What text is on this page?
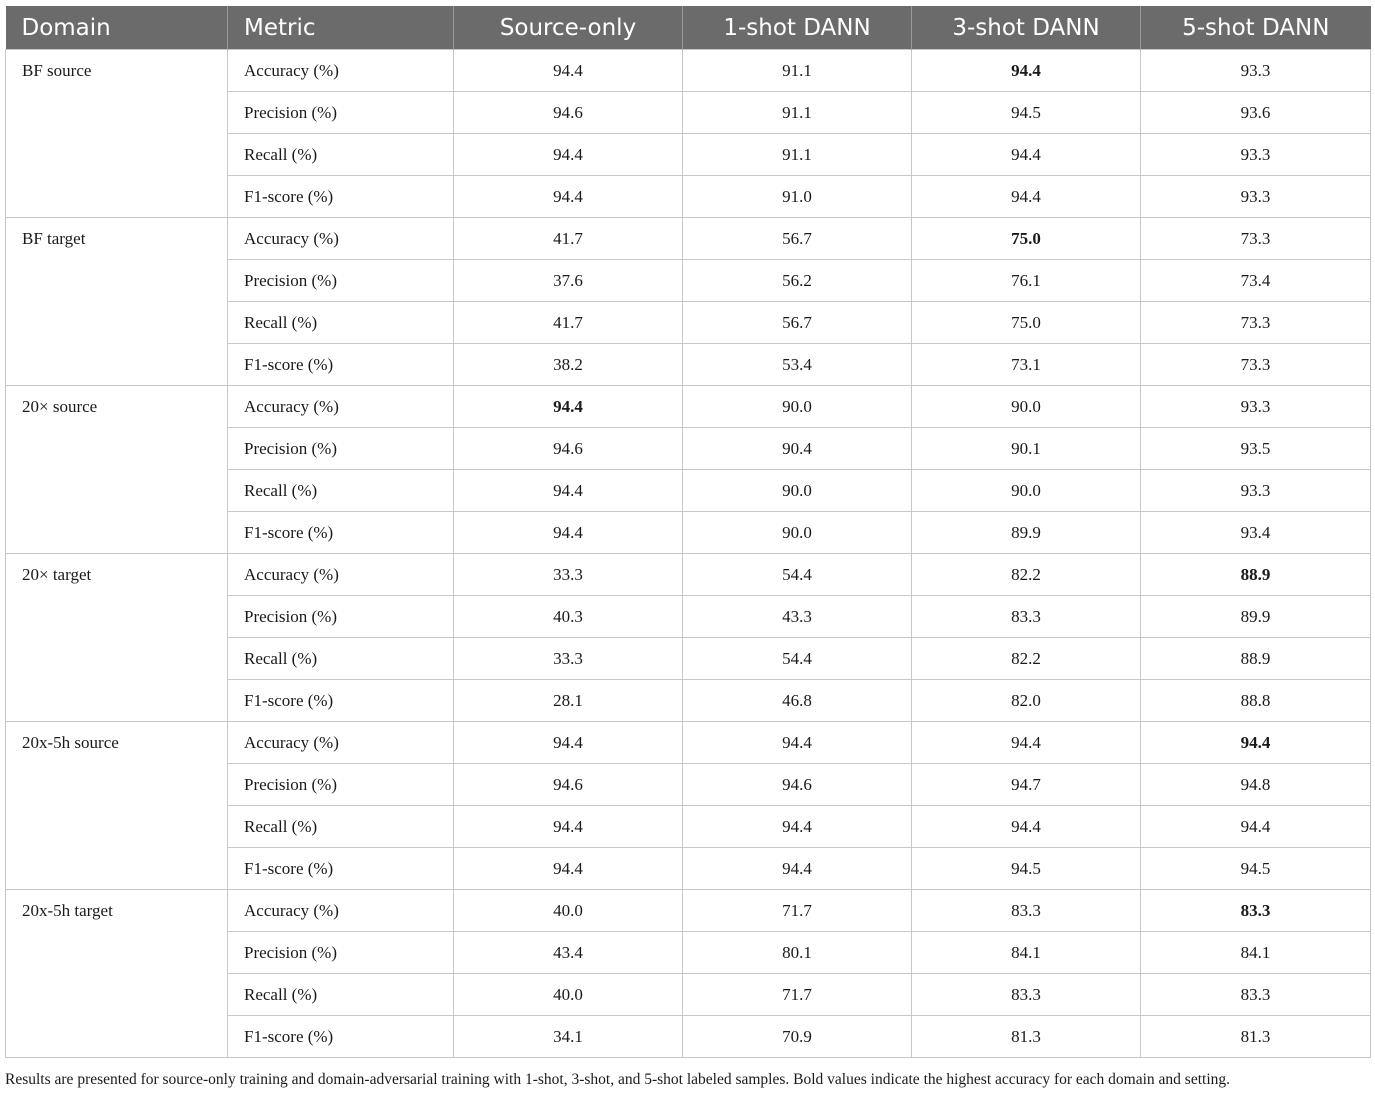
Domain	Metric	Source-only	1-shot DANN	3-shot DANN	5-shot DANN
BF source	Accuracy (%)	94.4	91.1	94.4	93.3
	Precision (%)	94.6	91.1	94.5	93.6
	Recall (%)	94.4	91.1	94.4	93.3
	F1-score (%)	94.4	91.0	94.4	93.3
BF target	Accuracy (%)	41.7	56.7	75.0	73.3
	Precision (%)	37.6	56.2	76.1	73.4
	Recall (%)	41.7	56.7	75.0	73.3
	F1-score (%)	38.2	53.4	73.1	73.3
20× source	Accuracy (%)	94.4	90.0	90.0	93.3
	Precision (%)	94.6	90.4	90.1	93.5
	Recall (%)	94.4	90.0	90.0	93.3
	F1-score (%)	94.4	90.0	89.9	93.4
20× target	Accuracy (%)	33.3	54.4	82.2	88.9
	Precision (%)	40.3	43.3	83.3	89.9
	Recall (%)	33.3	54.4	82.2	88.9
	F1-score (%)	28.1	46.8	82.0	88.8
20x-5h source	Accuracy (%)	94.4	94.4	94.4	94.4
	Precision (%)	94.6	94.6	94.7	94.8
	Recall (%)	94.4	94.4	94.4	94.4
	F1-score (%)	94.4	94.4	94.5	94.5
20x-5h target	Accuracy (%)	40.0	71.7	83.3	83.3
	Precision (%)	43.4	80.1	84.1	84.1
	Recall (%)	40.0	71.7	83.3	83.3
	F1-score (%)	34.1	70.9	81.3	81.3
Results are presented for source-only training and domain-adversarial training with 1-shot, 3-shot, and 5-shot labeled samples. Bold values indicate the highest accuracy for each domain and setting.
